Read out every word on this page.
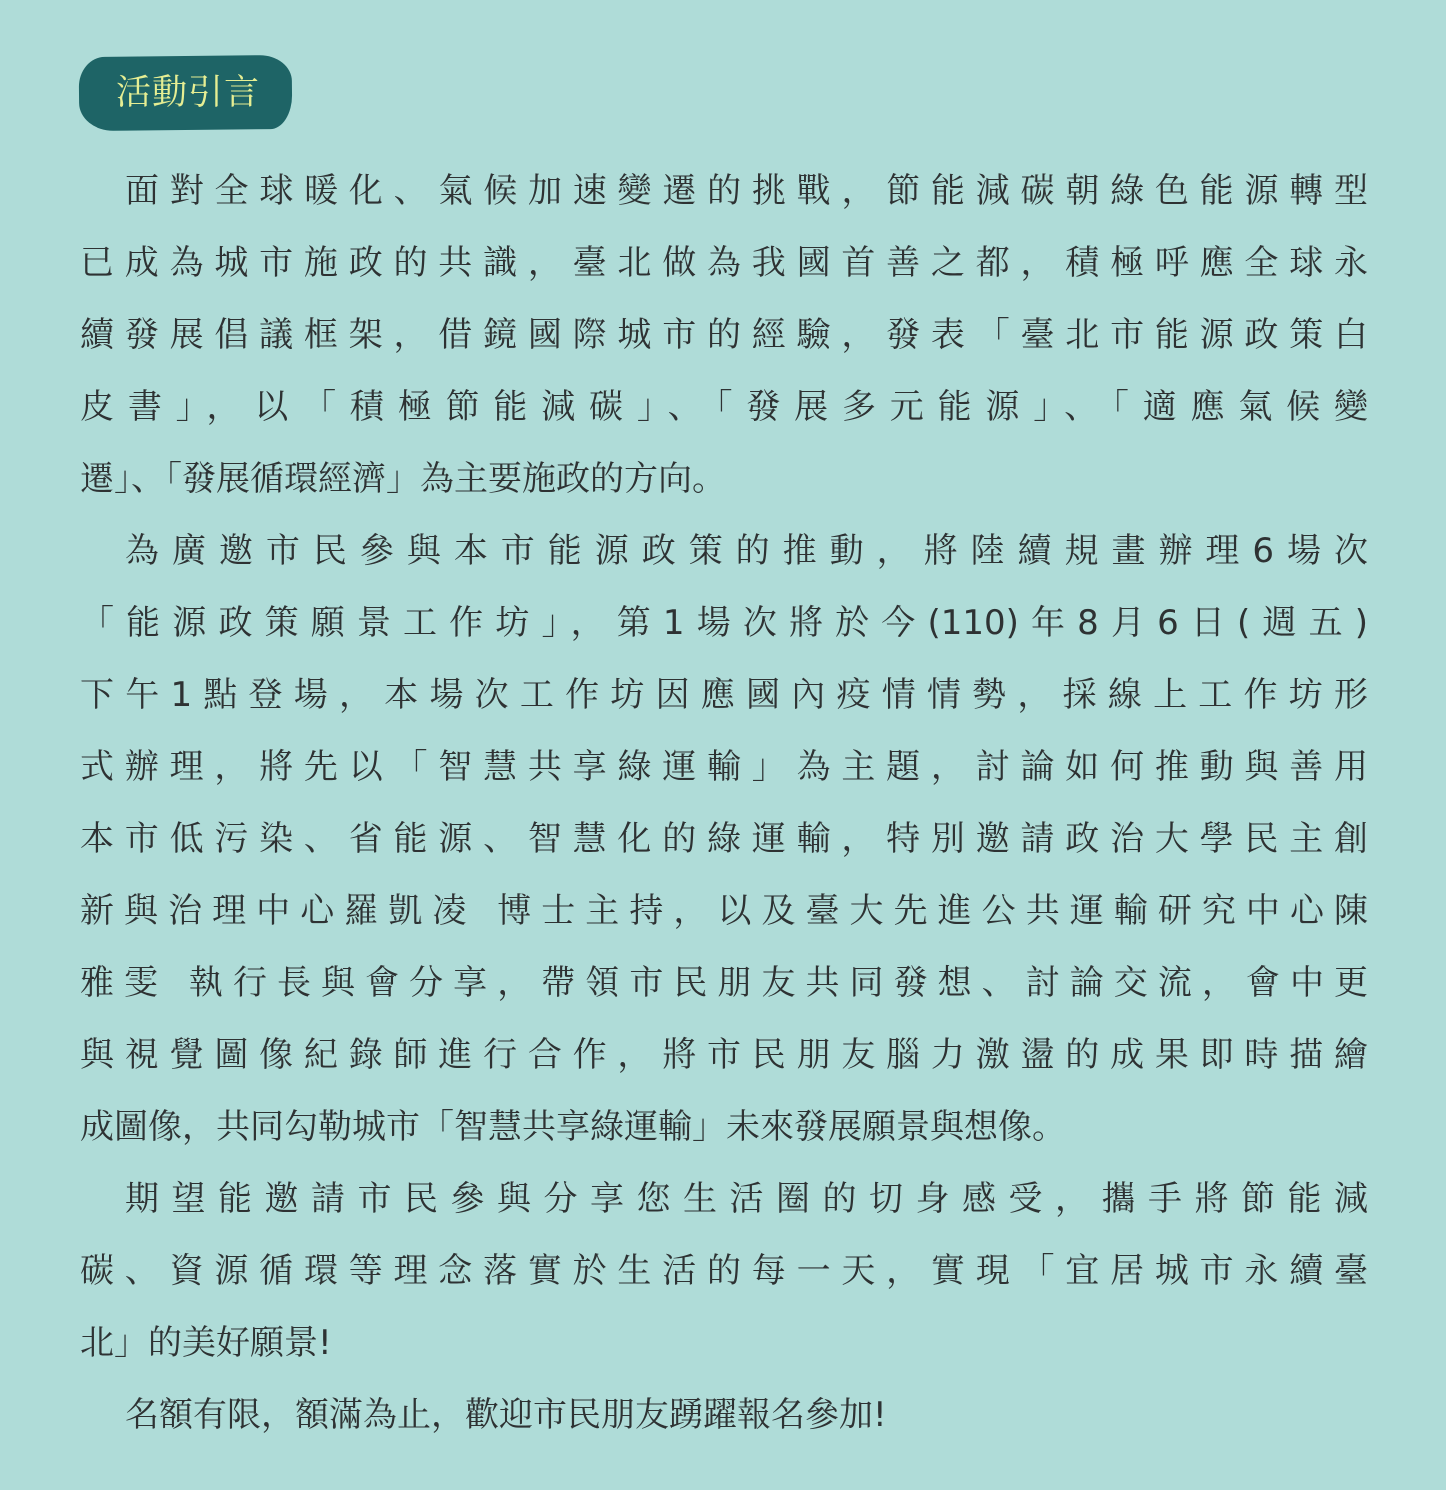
活動引言
面對全球暖化、氣候加速變遷的挑戰，節能減碳朝綠色能源轉型
已成為城市施政的共識，臺北做為我國首善之都，積極呼應全球永
續發展倡議框架，借鏡國際城市的經驗，發表「臺北市能源政策白
皮書」，以「積極節能減碳」、「發展多元能源」、「適應氣候變
遷」、「發展循環經濟」為主要施政的方向。
為廣邀市民參與本市能源政策的推動，將陸續規畫辦理6場次
「能源政策願景工作坊」，第1場次將於今(110)年8月6日(週五)
下午1點登場，本場次工作坊因應國內疫情情勢，採線上工作坊形
式辦理，將先以「智慧共享綠運輸」為主題，討論如何推動與善用
本市低污染、省能源、智慧化的綠運輸，特別邀請政治大學民主創
新與治理中心羅凱凌 博士主持，以及臺大先進公共運輸研究中心陳
雅雯 執行長與會分享，帶領市民朋友共同發想、討論交流，會中更
與視覺圖像紀錄師進行合作，將市民朋友腦力激盪的成果即時描繪
成圖像，共同勾勒城市「智慧共享綠運輸」未來發展願景與想像。
期望能邀請市民參與分享您生活圈的切身感受，攜手將節能減
碳、資源循環等理念落實於生活的每一天，實現「宜居城市永續臺
北」的美好願景!
名額有限，額滿為止，歡迎市民朋友踴躍報名參加!
